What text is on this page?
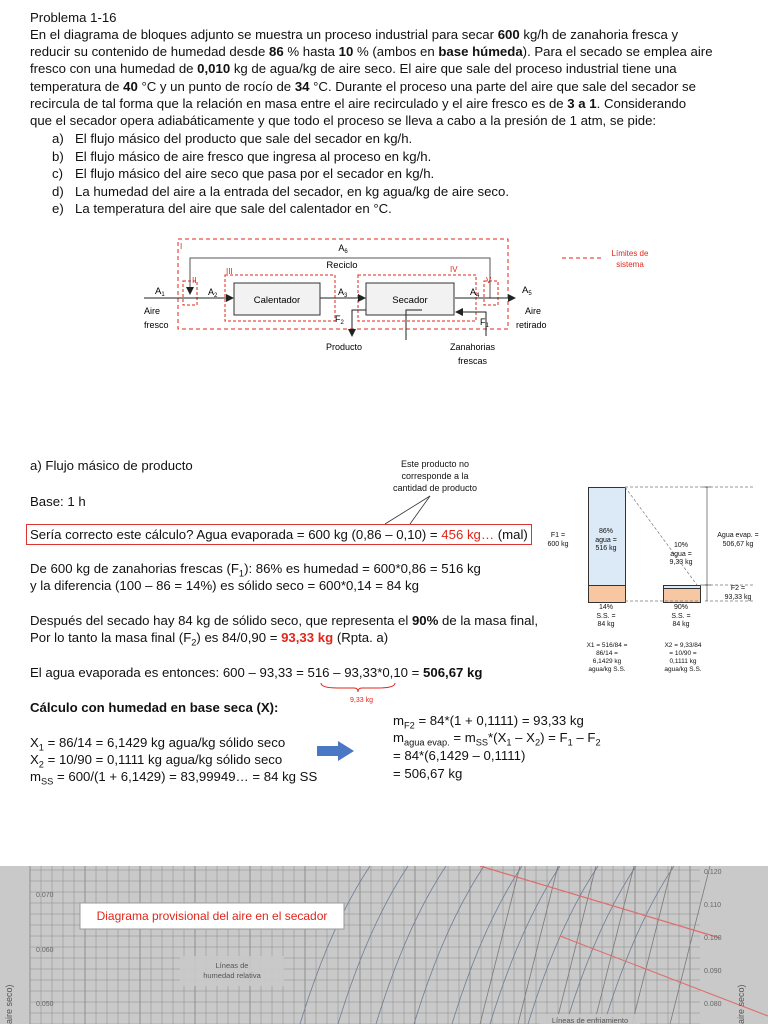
Problema 1-16
En el diagrama de bloques adjunto se muestra un proceso industrial para secar 600 kg/h de zanahoria fresca y
reducir su contenido de humedad desde 86 % hasta 10 % (ambos en base húmeda). Para el secado se emplea aire
fresco con una humedad de 0,010 kg de agua/kg de aire seco. El aire que sale del proceso industrial tiene una
temperatura de 40 °C y un punto de rocío de 34 °C. Durante el proceso una parte del aire que sale del secador se
recircula de tal forma que la relación en masa entre el aire recirculado y el aire fresco es de 3 a 1. Considerando
que el secador opera adiabáticamente y que todo el proceso se lleva a cabo a la presión de 1 atm, se pide:
a) El flujo másico del producto que sale del secador en kg/h.
b) El flujo másico de aire fresco que ingresa al proceso en kg/h.
c) El flujo másico del aire seco que pasa por el secador en kg/h.
d) La humedad del aire a la entrada del secador, en kg agua/kg de aire seco.
e) La temperatura del aire que sale del calentador en °C.
$A_6$
Reciclo
Calentador	Secador
$A_1$	$A_2$	$A_3$	$A_4$	$A_5$
$F_2$	$F_1$
Aire
fresco
Aire
retirado
Producto	Zanahorias
frescas
I
II
III	IV
V
Límites de
sistema
a) Flujo másico de producto	Este producto no
corresponde a la
cantidad de producto
Base: 1 h
Sería correcto este cálculo? Agua evaporada = 600 kg (0,86 – 0,10) = 456 kg… (mal)
De 600 kg de zanahorias frescas $(F_1)$: 86% es humedad = 600*0,86 = 516 kg
y la diferencia (100 – 86 = 14%) es sólido seco = 600*0,14 = 84 kg
Después del secado hay 84 kg de sólido seco, que representa el 90% de la masa final,
Por lo tanto la masa final $(F_2)$ es 84/0,90 = 93,33 kg (Rpta. a)
El agua evaporada es entonces: 600 – 93,33 = 516 – 93,33*0,10 = 506,67 kg
9,33 kg
Cálculo con humedad en base seca (X):
$X_1 = 86/14 = 6,1429$ kg agua/kg sólido seco
$X_2 = 10/90 = 0,1111$ kg agua/kg sólido seco
$m_{SS} = 600/(1 + 6,1429)$ = 83,99949… = 84 kg SS
$m_{F2} = 84*(1 + 0,1111) = 93,33$ kg
$m_{agua evap.} = m_{SS}*(X_1 - X_2) = F_1 - F_2$
= 84*(6,1429 – 0,1111)
= 506,67 kg
F1 =
600 kg
86%
agua =
516 kg
14%
S.S. =
84 kg
10%
agua =
9,33 kg
90%
S.S. =
84 kg
Agua evap. =
506,67 kg
F2 =
93,33 kg
X1 = 516/84 =
86/14 =
6,1429 kg
agua/kg S.S.
X2 = 9,33/84
= 10/90 =
0,1111 kg
agua/kg S.S.
Diagrama provisional del aire en el secador
Líneas de
humedad relativa
Líneas de enfriamiento
0.070
0.060
0.050
0.120
0.110
0.100
0.090
0.080
aire seco)	aire seco)
